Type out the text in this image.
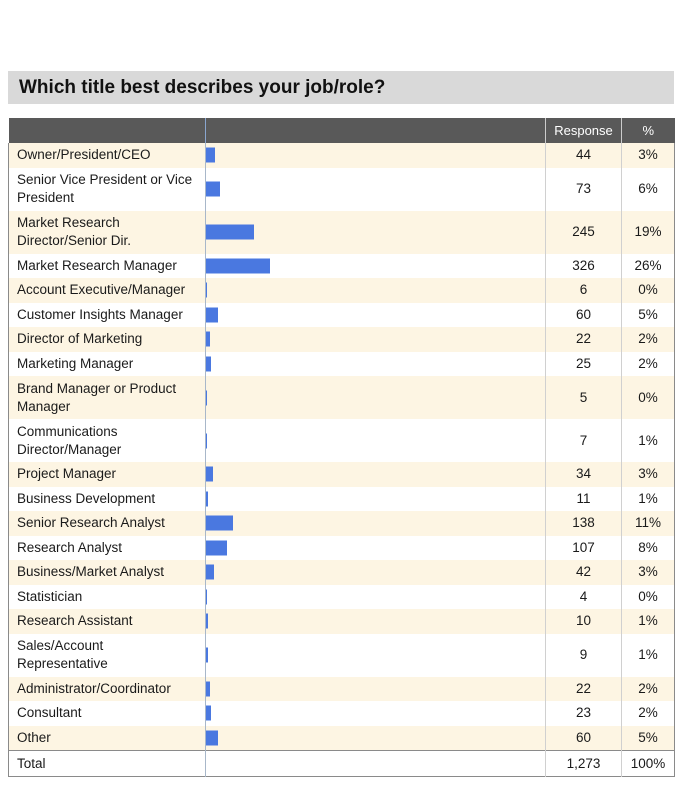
Which title best describes your job/role?
		Response	%
Owner/President/CEO		44	3%
Senior Vice President or Vice President		73	6%
Market Research Director/Senior Dir.		245	19%
Market Research Manager		326	26%
Account Executive/Manager		6	0%
Customer Insights Manager		60	5%
Director of Marketing		22	2%
Marketing Manager		25	2%
Brand Manager or Product Manager		5	0%
Communications Director/Manager		7	1%
Project Manager		34	3%
Business Development		11	1%
Senior Research Analyst		138	11%
Research Analyst		107	8%
Business/Market Analyst		42	3%
Statistician		4	0%
Research Assistant		10	1%
Sales/Account Representative		9	1%
Administrator/Coordinator		22	2%
Consultant		23	2%
Other		60	5%
Total		1,273	100%
